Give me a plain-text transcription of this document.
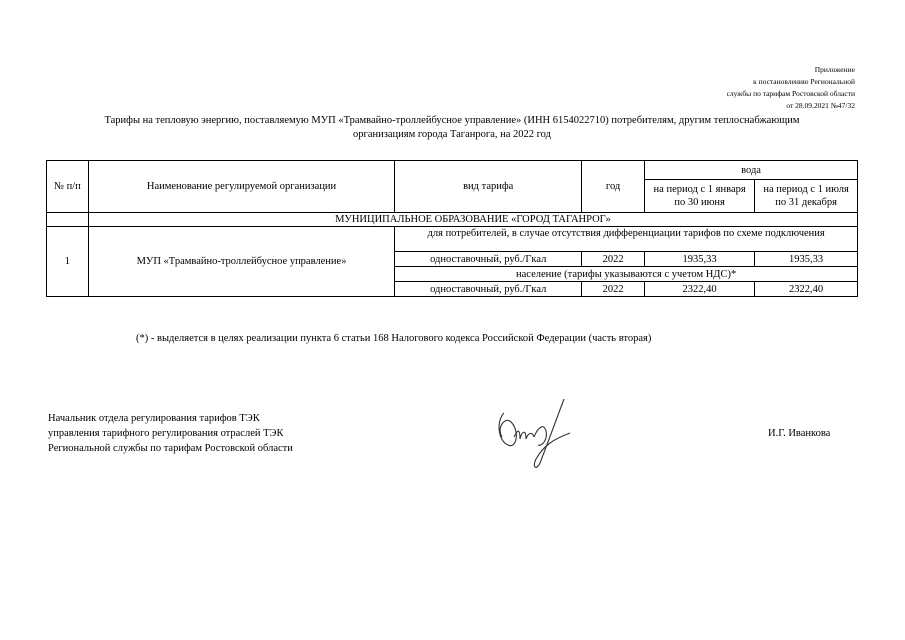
Приложение
к постановлению Региональной
службы по тарифам Ростовской области
от 28.09.2021 №47/32
Тарифы на тепловую энергию, поставляемую МУП «Трамвайно-троллейбусное управление» (ИНН 6154022710) потребителям, другим теплоснабжающим
организациям города Таганрога, на 2022 год
№ п/п	Наименование регулируемой организации	вид тарифа	год	вода	
				на период с 1 января по 30 июня	на период с 1 июля по 31 декабря
	МУНИЦИПАЛЬНОЕ ОБРАЗОВАНИЕ «ГОРОД ТАГАНРОГ»				
1	МУП «Трамвайно-троллейбусное управление»	для потребителей, в случае отсутствия дифференциации тарифов по схеме подключения			
		одноставочный, руб./Гкал	2022	1935,33	1935,33
		население (тарифы указываются с учетом НДС)*			
		одноставочный, руб./Гкал	2022	2322,40	2322,40
(*) - выделяется в целях реализации пункта 6 статьи 168 Налогового кодекса Российской Федерации (часть вторая)
Начальник отдела регулирования тарифов ТЭК
управления тарифного регулирования отраслей ТЭК
Региональной службы по тарифам Ростовской области
И.Г. Иванкова
